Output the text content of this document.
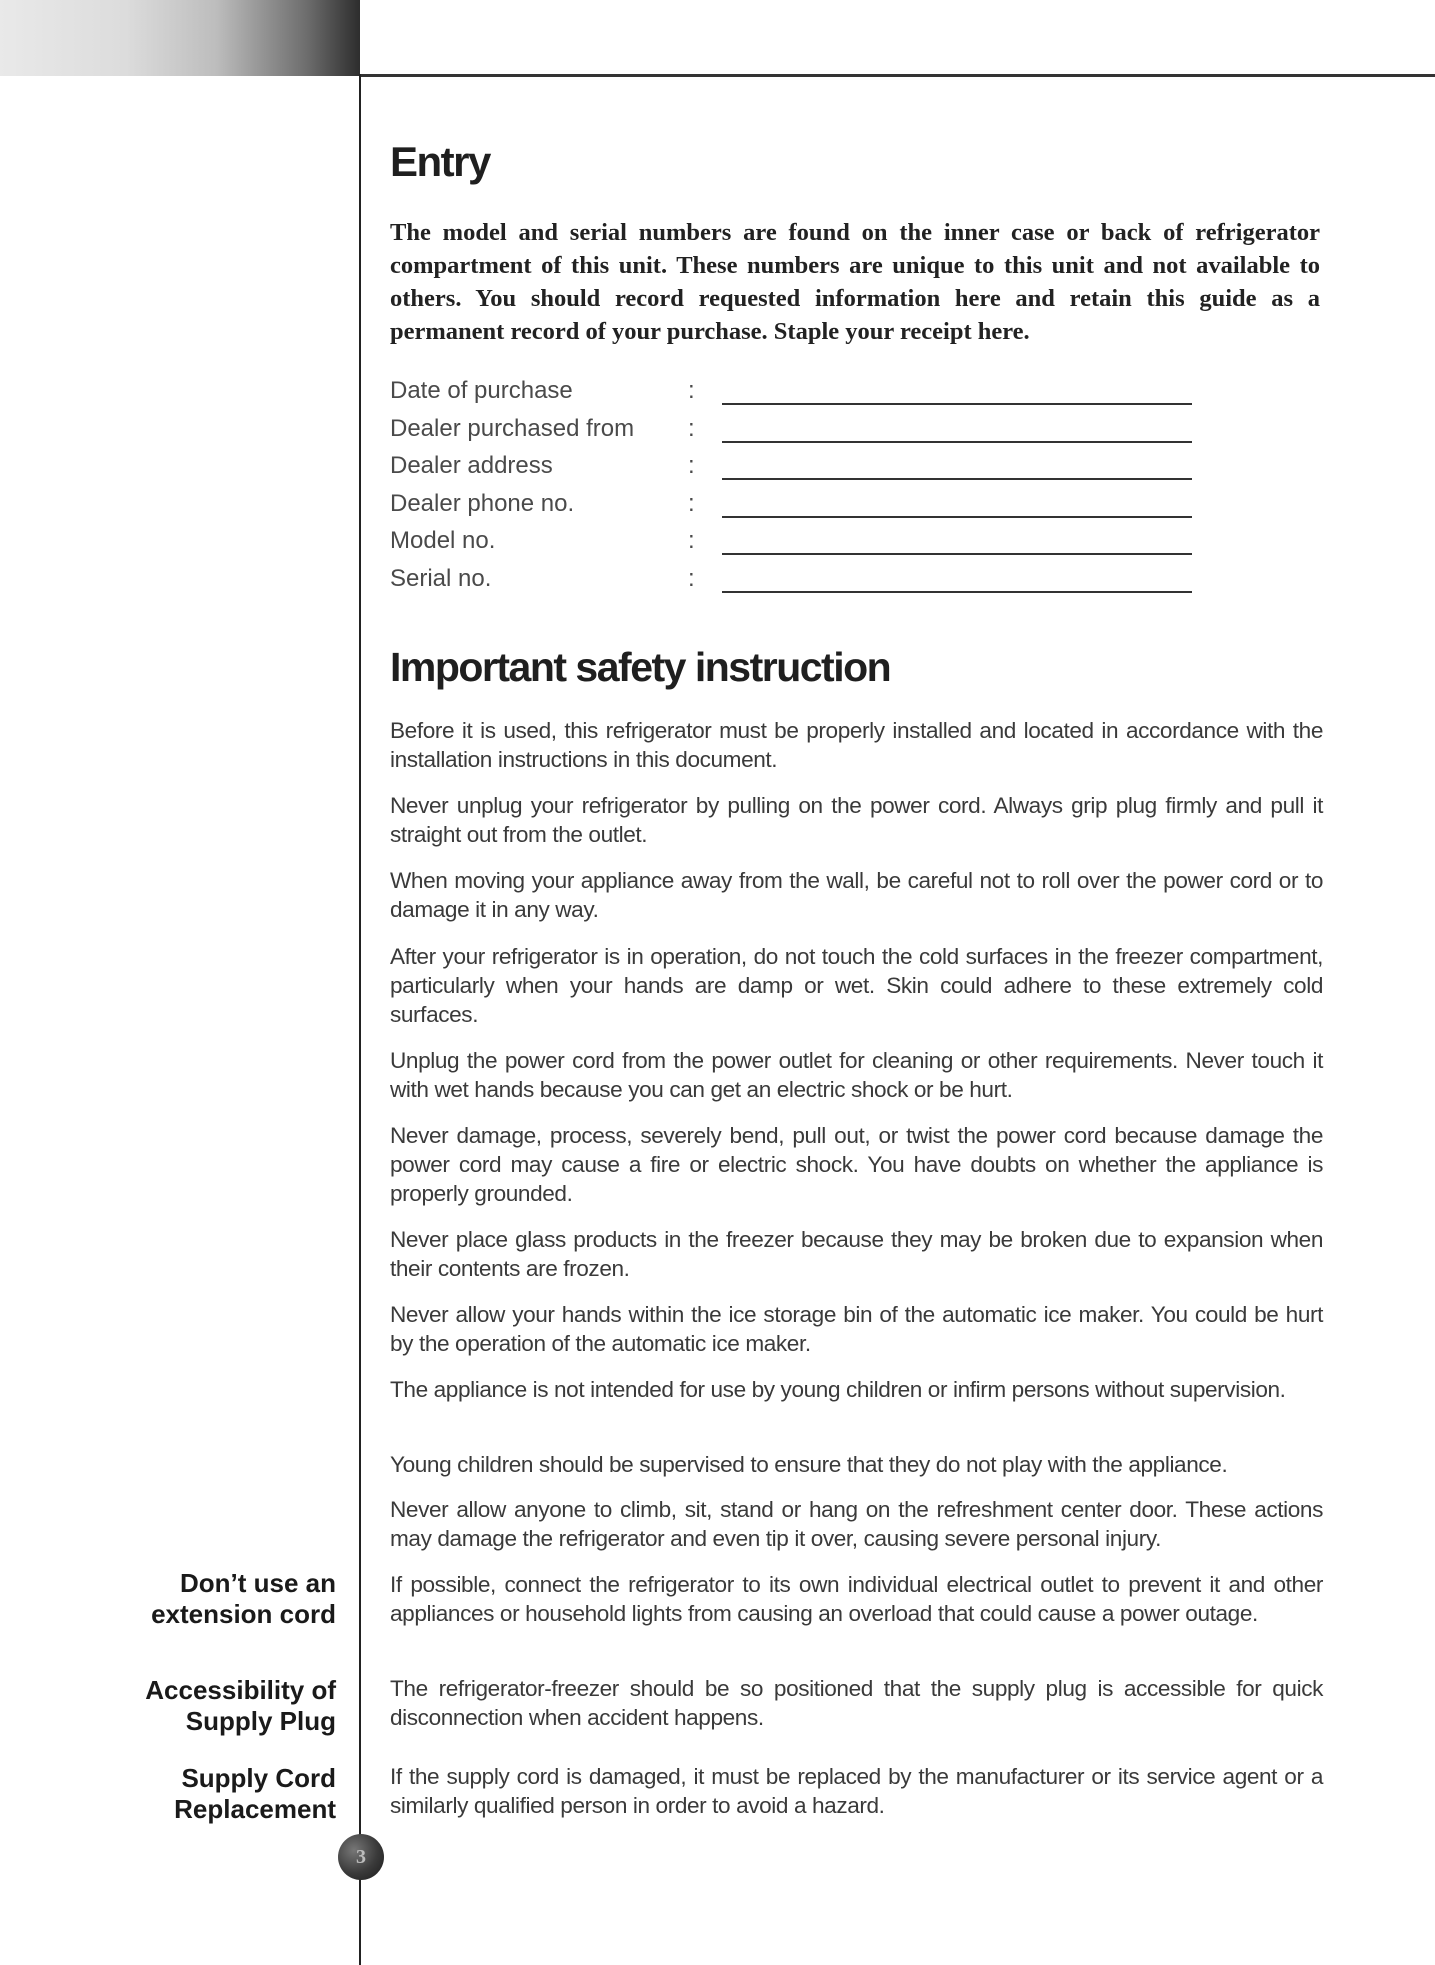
Entry

The model and serial numbers are found on the inner case or back of refrigerator compartment of this unit. These numbers are unique to this unit and not available to others. You should record requested information here and retain this guide as a permanent record of your purchase. Staple your receipt here.

Date of purchase	:
Dealer purchased from :
Dealer address	:
Dealer phone no.	:
Model no.	:
Serial no.	:
Important safety instruction

Before it is used, this refrigerator must be properly installed and located in accordance with the installation instructions in this document.

Never unplug your refrigerator by pulling on the power cord. Always grip plug firmly and pull it straight out from the outlet.

When moving your appliance away from the wall, be careful not to roll over the power cord or to damage it in any way.

After your refrigerator is in operation, do not touch the cold surfaces in the freezer compartment, particularly when your hands are damp or wet. Skin could adhere to these extremely cold surfaces.

Unplug the power cord from the power outlet for cleaning or other requirements. Never touch it with wet hands because you can get an electric shock or be hurt.

Never damage, process, severely bend, pull out, or twist the power cord because damage the power cord may cause a fire or electric shock. You have doubts on whether the appliance is properly grounded.

Never place glass products in the freezer because they may be broken due to expansion when their contents are frozen.

Never allow your hands within the ice storage bin of the automatic ice maker. You could be hurt by the operation of the automatic ice maker.

The appliance is not intended for use by young children or infirm persons without supervision.

Young children should be supervised to ensure that they do not play with the appliance.

Never allow anyone to climb, sit, stand or hang on the refreshment center door. These actions may damage the refrigerator and even tip it over, causing severe personal injury.

If possible, connect the refrigerator to its own individual electrical outlet to prevent it and other appliances or household lights from causing an overload that could cause a power outage.

The refrigerator-freezer should be so positioned that the supply plug is accessible for quick disconnection when accident happens.

If the supply cord is damaged, it must be replaced by the manufacturer or its service agent or a similarly qualified person in order to avoid a hazard.

Don’t use an
extension cord
Accessibility of
Supply Plug
Supply Cord
Replacement
3
